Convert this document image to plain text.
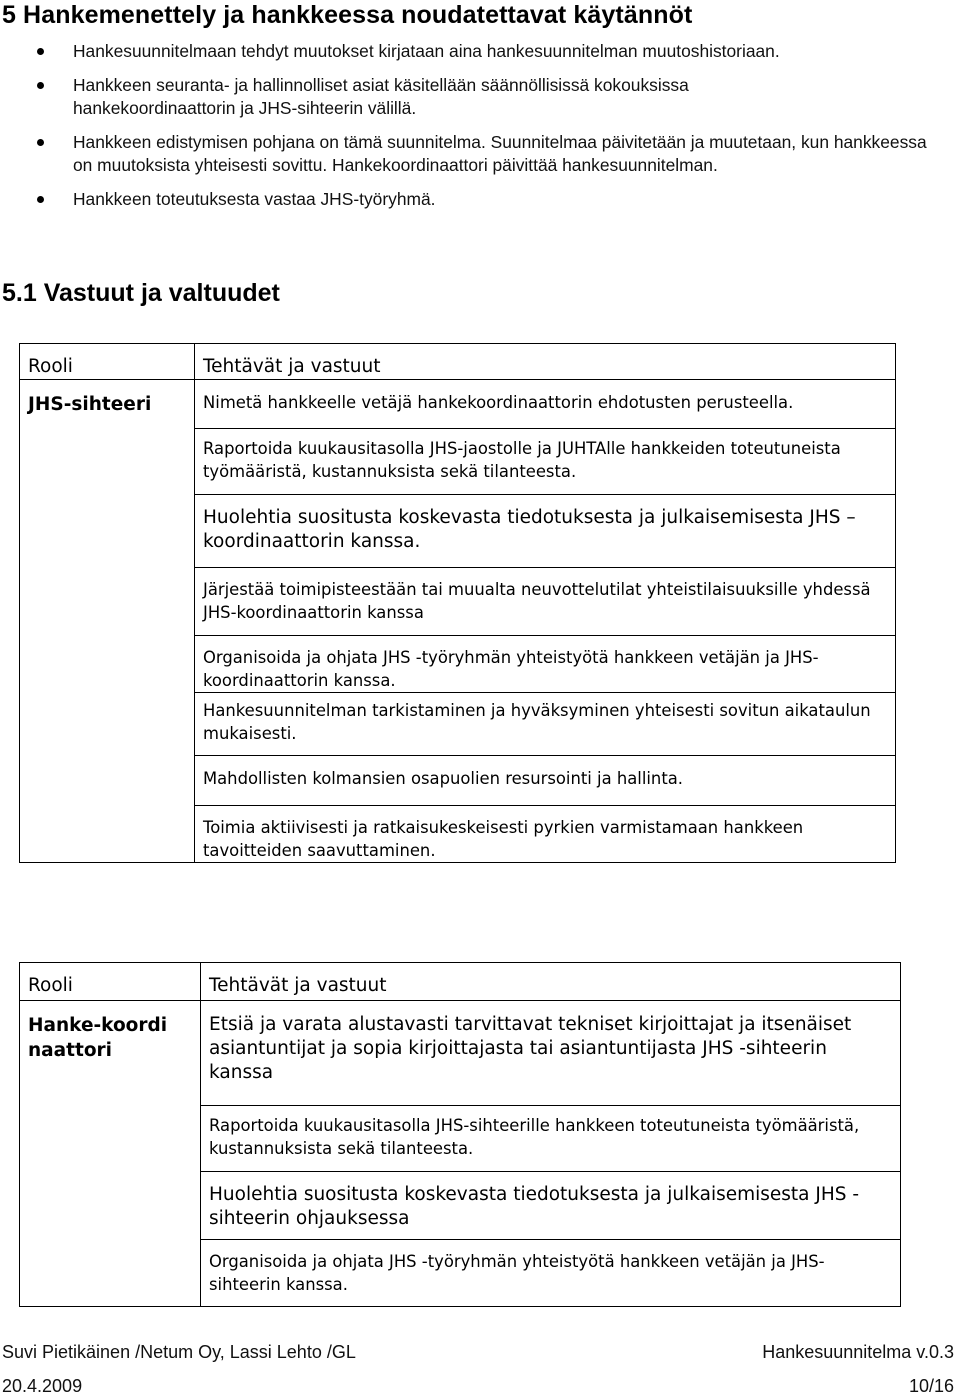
5 Hankemenettely ja hankkeessa noudatettavat käytännöt
Hankesuunnitelmaan tehdyt muutokset kirjataan aina hankesuunnitelman muutoshistoriaan.
Hankkeen seuranta- ja hallinnolliset asiat käsitellään säännöllisissä kokouksissa hankekoordinaattorin ja JHS-sihteerin välillä.
Hankkeen edistymisen pohjana on tämä suunnitelma. Suunnitelmaa päivitetään ja muutetaan, kun hankkeessa on muutoksista yhteisesti sovittu. Hankekoordinaattori päivittää hankesuunnitelman.
Hankkeen toteutuksesta vastaa JHS-työryhmä.
5.1 Vastuut ja valtuudet
Rooli	Tehtävät ja vastuut
JHS-sihteeri	Nimetä hankkeelle vetäjä hankekoordinaattorin ehdotusten perusteella.
	Raportoida kuukausitasolla JHS-jaostolle ja JUHTAlle hankkeiden toteutuneista työmääristä, kustannuksista sekä tilanteesta.
	Huolehtia suositusta koskevasta tiedotuksesta ja julkaisemisesta JHS –koordinaattorin kanssa.
	Järjestää toimipisteestään tai muualta neuvottelutilat yhteistilaisuuksille yhdessä JHS-koordinaattorin kanssa
	Organisoida ja ohjata JHS -työryhmän yhteistyötä hankkeen vetäjän ja JHS-koordinaattorin kanssa.
	Hankesuunnitelman tarkistaminen ja hyväksyminen yhteisesti sovitun aikataulun mukaisesti.
	Mahdollisten kolmansien osapuolien resursointi ja hallinta.
	Toimia aktiivisesti ja ratkaisukeskeisesti pyrkien varmistamaan hankkeen tavoitteiden saavuttaminen.
Rooli	Tehtävät ja vastuut

Hanke-koordinaattori	Etsiä ja varata alustavasti tarvittavat tekniset kirjoittajat ja itsenäiset asiantuntijat ja sopia kirjoittajasta tai asiantuntijasta JHS -sihteerin kanssa
	Raportoida kuukausitasolla JHS-sihteerille hankkeen toteutuneista työmääristä, kustannuksista sekä tilanteesta.
	Huolehtia suositusta koskevasta tiedotuksesta ja julkaisemisesta JHS -sihteerin ohjauksessa
	Organisoida ja ohjata JHS -työryhmän yhteistyötä hankkeen vetäjän ja JHS-sihteerin kanssa.
Suvi Pietikäinen /Netum Oy, Lassi Lehto /GL	Hankesuunnitelma v.0.3
20.4.2009	10/16
